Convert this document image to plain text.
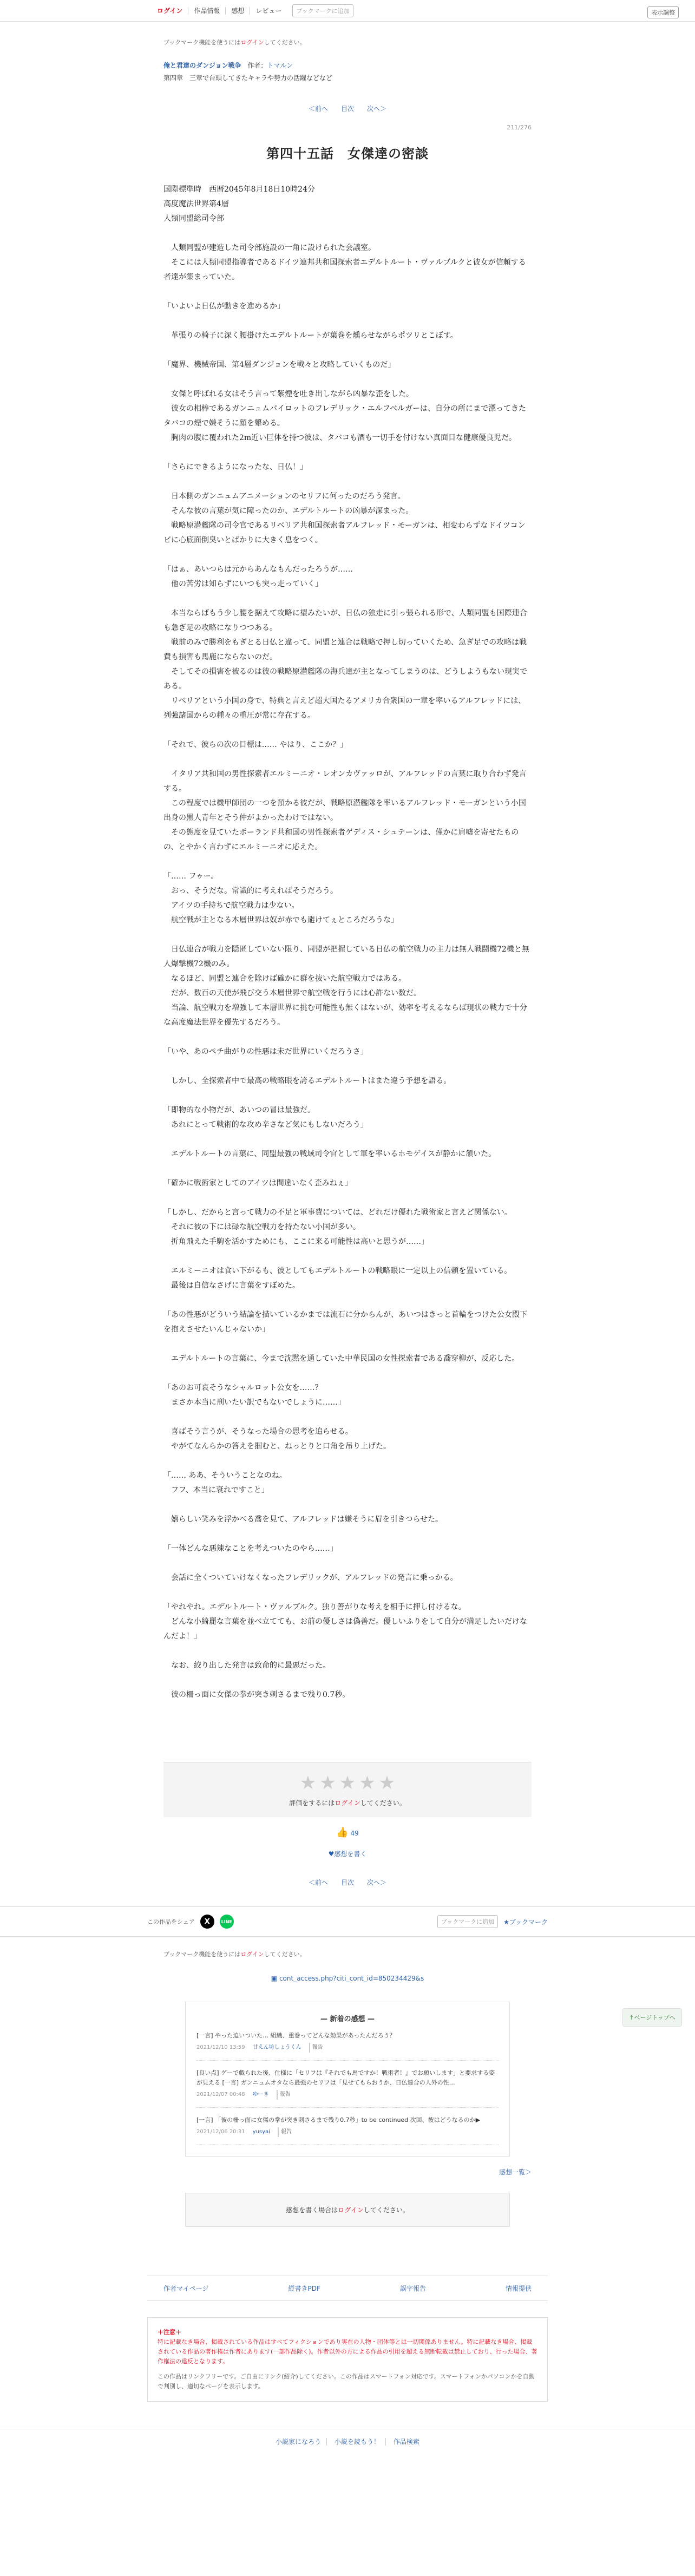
ログイン	作品情報	感想	レビュー	ブックマークに追加	表示調整
ブックマーク機能を使うにはログインしてください。
俺と君達のダンジョン戦争 作者：トマルン
第四章　三章で台頭してきたキャラや勢力の活躍などなど
＜前へ 目次 次へ＞
211/276
第四十五話　女傑達の密談

国際標準時　西暦2045年8月18日10時24分

高度魔法世界第4層

人類同盟総司令部

　人類同盟が建造した司令部施設の一角に設けられた会議室。

　そこには人類同盟指導者であるドイツ連邦共和国探索者エデルトルート・ヴァルブルクと彼女が信頼する者達が集まっていた。

「いよいよ日仏が動きを進めるか」

　革張りの椅子に深く腰掛けたエデルトルートが葉巻を燻らせながらポツリとこぼす。

「魔界、機械帝国、第4層ダンジョンを戦々と攻略していくものだ」

　女傑と呼ばれる女はそう言って紫煙を吐き出しながら凶暴な歪をした。

　彼女の相棒であるガンニュムパイロットのフレデリック・エルフベルガーは、自分の所にまで漂ってきたタバコの煙で嫌そうに顔を顰める。

　胸肉の腹に覆われた2m近い巨体を持つ彼は、タバコも酒も一切手を付けない真面目な健康優良児だ。

「さらにできるようになったな、日仏！」

　日本側のガンニュムアニメーションのセリフに何ったのだろう発言。

　そんな彼の言葉が気に障ったのか、エデルトルートの凶暴が深まった。

　戦略原潜艦隊の司令官であるリベリア共和国探索者アルフレッド・モーガンは、相変わらずなドイツコンビに心底面倒臭いとばかりに大きく息をつく。

「はぁ、あいつらは元からあんなもんだったろうが……

　他の苦労は知らずにいつも突っ走っていく」

　本当ならばもう少し腰を据えて攻略に望みたいが、日仏の独走に引っ張られる形で、人類同盟も国際連合も急ぎ足の攻略になりつつある。

　戦前のみで勝利をもぎとる日仏と違って、同盟と連合は戦略で押し切っていくため、急ぎ足での攻略は戦費も損害も馬鹿にならないのだ。

　そしてその損害を被るのは彼の戦略原潜艦隊の海兵達が主となってしまうのは、どうしようもない現実である。

　リベリアという小国の身で、特典と言えど超大国たるアメリカ合衆国の一章を率いるアルフレッドには、列強諸国からの種々の重圧が常に存在する。

「それで、彼らの次の目標は…… やはり、ここか？」

　イタリア共和国の男性探索者エルミーニオ・レオンカヴァッロが、アルフレッドの言葉に取り合わず発言する。

　この程度では機甲師団の一つを預かる彼だが、戦略原潜艦隊を率いるアルフレッド・モーガンという小国出身の黒人青年とそう仲がよかったわけではない。

　その態度を見ていたポーランド共和国の男性探索者ゲディス・シュテーンは、僅かに肩嘘を寄せたものの、とやかく言わずにエルミーニオに応えた。

「…… フゥー。

　おっ、そうだな。常識的に考えればそうだろう。

　アイツの手持ちで航空戦力は少ない。

　航空戦が主となる本層世界は奴が赤でも避けてぇところだろうな」

　日仏連合が戦力を隠匿していない限り、同盟が把握している日仏の航空戦力の主力は無人戦闘機72機と無人爆撃機72機のみ。

　なるほど、同盟と連合を除けば確かに群を抜いた航空戦力ではある。

　だが、数百の天使が飛び交う本層世界で航空戦を行うには心許ない数だ。

　当論、航空戦力を増強して本層世界に挑む可能性も無くはないが、効率を考えるならば現状の戦力で十分な高度魔法世界を優先するだろう。

「いや、あのペチ曲がりの性悪は未だ世界にいくだろうさ」

　しかし、全探索者中で最高の戦略眼を誇るエデルトルートはまた違う予想を語る。

「即物的な小物だが、あいつの冒は最強だ。

　あれにとって戦術的な攻め辛さなど気にもしないだろう」

　エデルトルートの言葉に、同盟最強の戦域司令官として軍を率いるホモゲイスが静かに頷いた。

「確かに戦術家としてのアイツは間違いなく歪みねぇ」

「しかし、だからと言って戦力の不足と軍事費については、どれだけ優れた戦術家と言えど関係ない。

　それに彼の下には碌な航空戦力を持たない小国が多い。

　折角飛えた手駒を活かすためにも、ここに来る可能性は高いと思うが……」

　エルミーニオは食い下がるも、彼としてもエデルトルートの戦略眼に一定以上の信頼を置いている。

　最後は自信なさげに言葉をすぼめた。

「あの性悪がどういう結論を描いているかまでは流石に分からんが、あいつはきっと首輪をつけた公女殿下を抱えさせたいんじゃないか」

　エデルトルートの言葉に、今まで沈黙を通していた中華民国の女性探索者である喬穿柳が、反応した。

「あのお可哀そうなシャルロット公女を……？

　まさか本当に刑いたい訳でもないでしょうに……」

　喜ばそう言うが、そうなった場合の思考を追らせる。

　やがてなんらかの答えを掴むと、ねっとりと口角を吊り上げた。

「…… ああ、そういうことなのね。

　フフ、本当に衰れですこと」

　嬉らしい笑みを浮かべる喬を見て、アルフレッドは嫌そうに眉を引きつらせた。

「一体どんな悪辣なことを考えついたのやら……」

　会話に全くついていけなくなったフレデリックが、アルフレッドの発言に乗っかる。

「やれやれ。エデルトルート・ヴァルブルク。独り善がりな考えを相手に押し付けるな。

　どんな小綺麗な言葉を並べ立てても、お前の優しさは偽善だ。優しいふりをして自分が満足したいだけなんだよ！」

　なお、絞り出した発言は致命的に最悪だった。

　彼の柵っ面に女傑の拳が突き刺さるまで残り0.7秒。

★ ★ ★ ★ ★
評価をするにはログインしてください。
👍 49
♥感想を書く
＜前へ 目次 次へ＞
この作品をシェア	X	LINE	ブックマークに追加	★ブックマーク
ブックマーク機能を使うにはログインしてください。
▣ cont_access.php?citi_cont_id=850234429&s
— 新着の感想 —
[一言] やった迫いついた… 組織、重巻ってどんな効果があったんだろう？
2021/12/10 13:59 甘えん坊しょうくん	報告
[良い点] ゲーで戯られた後、仕様に「セリフは『それでも馬ですか！戦術者！』でお願いします」と要求する姿が見える [一言] ガンニュムオタなら最強のセリフは「見せてもらおうか、日仏連合の人外の性…
2021/12/07 00:48 ゆーき	報告
[一言] 「彼の柵っ面に女傑の拳が突き刺さるまで残り0.7秒」to be continued 次回、彼はどうなるのか▶
2021/12/06 20:31 yusyai	報告
感想一覧＞
感想を書く場合はログインしてください。
作者マイページ	縦書きPDF	誤字報告	情報提供
＋注意＋
特に記載なき場合、掲載されている作品はすべてフィクションであり実在の人物・団体等とは一切関係ありません。特に記載なき場合、掲載されている作品の著作権は作者にあります(一部作品除く)。作者以外の方による作品の引用を超える無断転載は禁止しており、行った場合、著作権法の違反となります。
この作品はリンクフリーです。ご自由にリンク(紹介)してください。この作品はスマートフォン対応です。スマートフォンかパソコンかを自動で判別し、適切なページを表示します。
小説家になろう 小説を読もう！ 作品検索
↑ページトップへ
